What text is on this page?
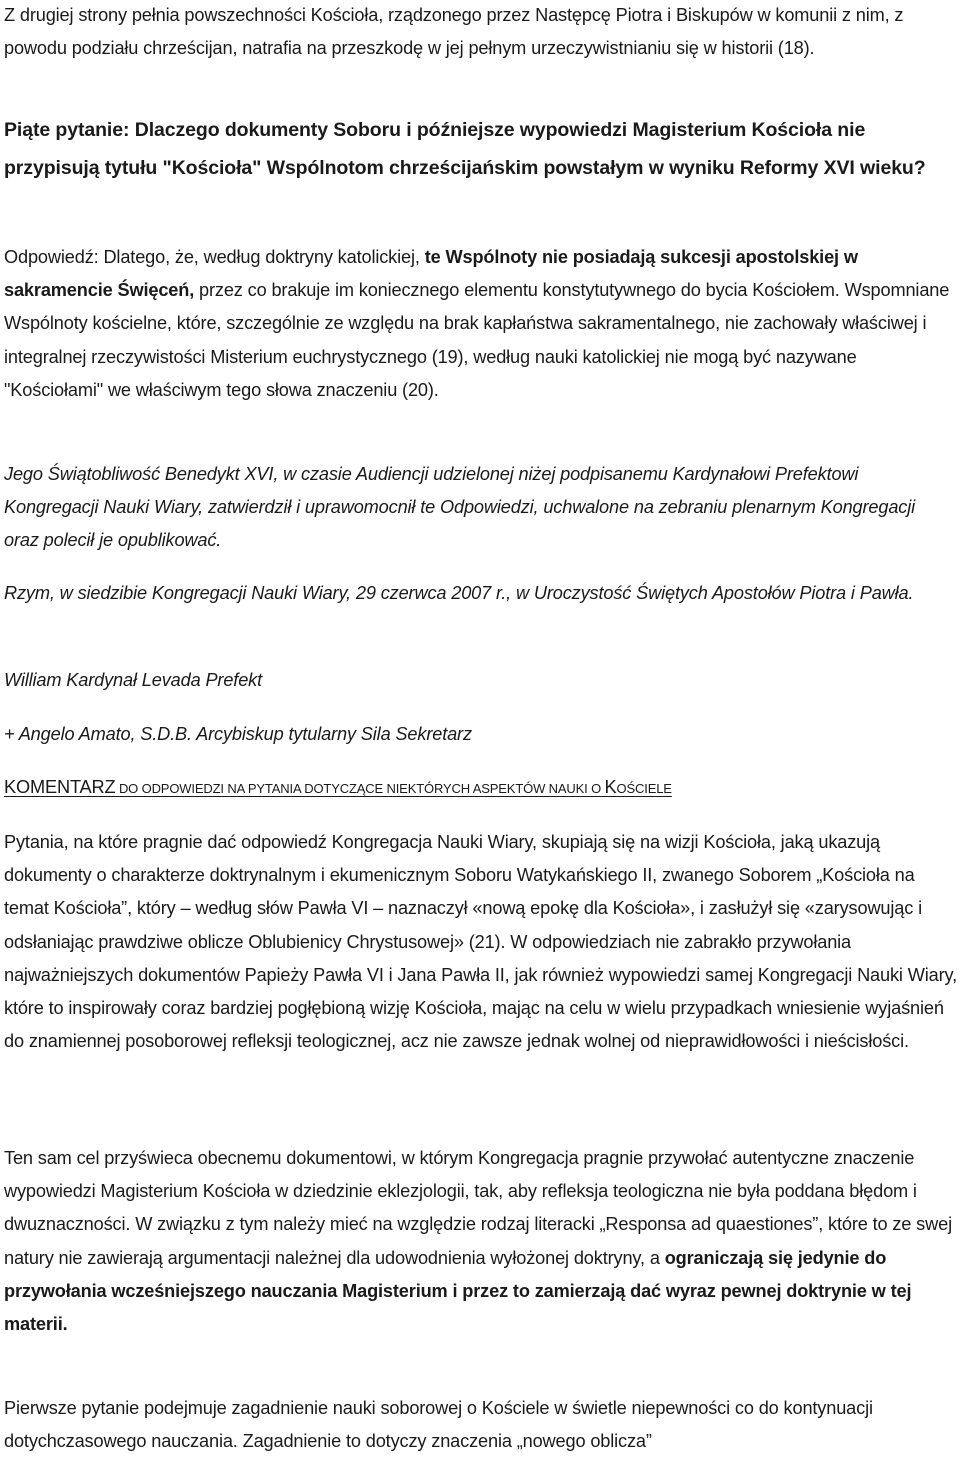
Z drugiej strony pełnia powszechności Kościoła, rządzonego przez Następcę Piotra i Biskupów w komunii z nim, z powodu podziału chrześcijan, natrafia na przeszkodę w jej pełnym urzeczywistnianiu się w historii (18).

Piąte pytanie: Dlaczego dokumenty Soboru i późniejsze wypowiedzi Magisterium Kościoła nie przypisują tytułu "Kościoła" Wspólnotom chrześcijańskim powstałym w wyniku Reformy XVI wieku?

Odpowiedź: Dlatego, że, według doktryny katolickiej, te Wspólnoty nie posiadają sukcesji apostolskiej w sakramencie Święceń, przez co brakuje im koniecznego elementu konstytutywnego do bycia Kościołem. Wspomniane Wspólnoty kościelne, które, szczególnie ze względu na brak kapłaństwa sakramentalnego, nie zachowały właściwej i integralnej rzeczywistości Misterium euchrystycznego (19), według nauki katolickiej nie mogą być nazywane "Kościołami" we właściwym tego słowa znaczeniu (20).

Jego Świątobliwość Benedykt XVI, w czasie Audiencji udzielonej niżej podpisanemu Kardynałowi Prefektowi Kongregacji Nauki Wiary, zatwierdził i uprawomocnił te Odpowiedzi, uchwalone na zebraniu plenarnym Kongregacji oraz polecił je opublikować.

Rzym, w siedzibie Kongregacji Nauki Wiary, 29 czerwca 2007 r., w Uroczystość Świętych Apostołów Piotra i Pawła.

William Kardynał Levada Prefekt

+ Angelo Amato, S.D.B. Arcybiskup tytularny Sila Sekretarz

KOMENTARZ DO ODPOWIEDZI NA PYTANIA DOTYCZĄCE NIEKTÓRYCH ASPEKTÓW NAUKI O KOŚCIELE

Pytania, na które pragnie dać odpowiedź Kongregacja Nauki Wiary, skupiają się na wizji Kościoła, jaką ukazują dokumenty o charakterze doktrynalnym i ekumenicznym Soboru Watykańskiego II, zwanego Soborem „Kościoła na temat Kościoła”, który – według słów Pawła VI – naznaczył «nową epokę dla Kościoła», i zasłużył się «zarysowując i odsłaniając prawdziwe oblicze Oblubienicy Chrystusowej» (21). W odpowiedziach nie zabrakło przywołania najważniejszych dokumentów Papieży Pawła VI i Jana Pawła II, jak również wypowiedzi samej Kongregacji Nauki Wiary, które to inspirowały coraz bardziej pogłębioną wizję Kościoła, mając na celu w wielu przypadkach wniesienie wyjaśnień do znamiennej posoborowej refleksji teologicznej, acz nie zawsze jednak wolnej od nieprawidłowości i nieścisłości.

Ten sam cel przyświeca obecnemu dokumentowi, w którym Kongregacja pragnie przywołać autentyczne znaczenie wypowiedzi Magisterium Kościoła w dziedzinie eklezjologii, tak, aby refleksja teologiczna nie była poddana błędom i dwuznaczności. W związku z tym należy mieć na względzie rodzaj literacki „Responsa ad quaestiones”, które to ze swej natury nie zawierają argumentacji należnej dla udowodnienia wyłożonej doktryny, a ograniczają się jedynie do przywołania wcześniejszego nauczania Magisterium i przez to zamierzają dać wyraz pewnej doktrynie w tej materii.

Pierwsze pytanie podejmuje zagadnienie nauki soborowej o Kościele w świetle niepewności co do kontynuacji dotychczasowego nauczania. Zagadnienie to dotyczy znaczenia „nowego oblicza”
